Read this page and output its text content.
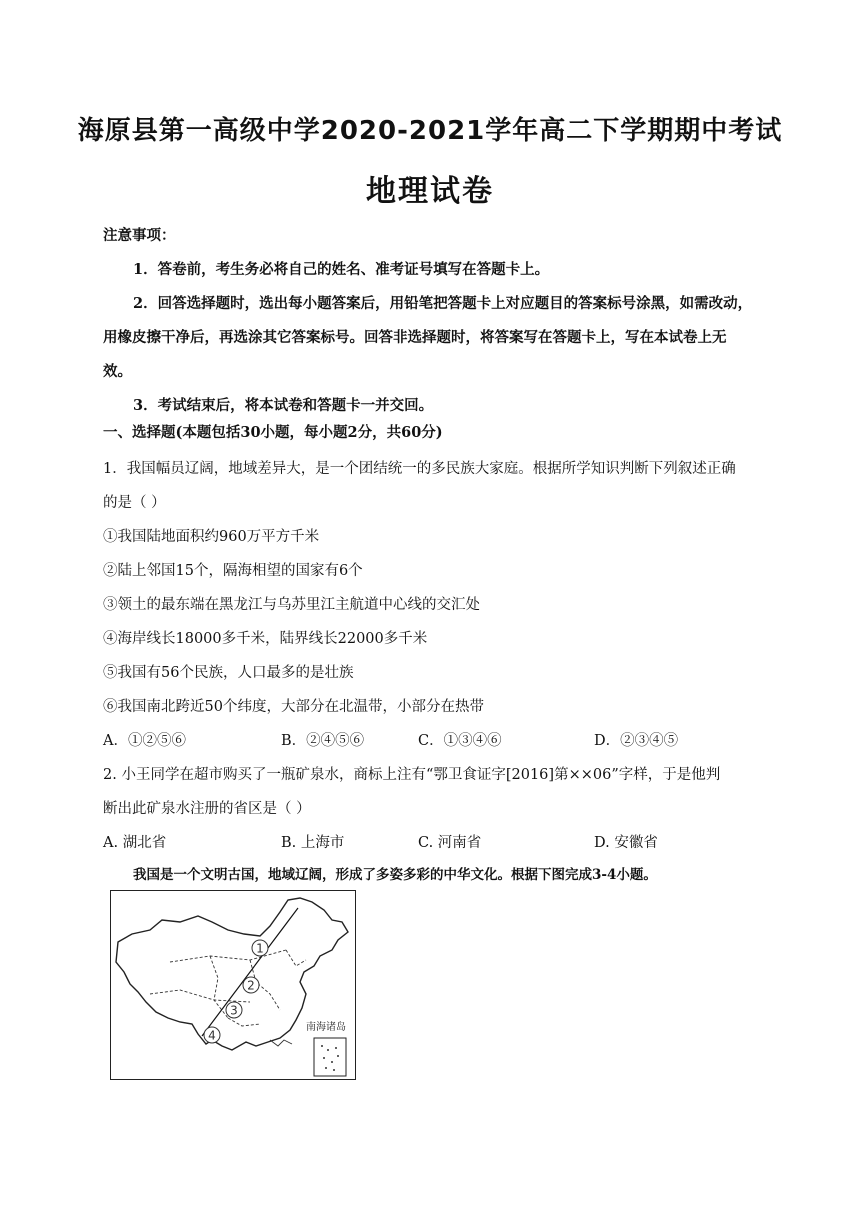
海原县第一高级中学2020-2021学年高二下学期期中考试
地理试卷
注意事项：
1．答卷前，考生务必将自己的姓名、准考证号填写在答题卡上。
2．回答选择题时，选出每小题答案后，用铅笔把答题卡上对应题目的答案标号涂黑，如需改动，
用橡皮擦干净后，再选涂其它答案标号。回答非选择题时，将答案写在答题卡上，写在本试卷上无
效。
3．考试结束后，将本试卷和答题卡一并交回。
一、选择题(本题包括30小题，每小题2分，共60分)
1．我国幅员辽阔，地域差异大，是一个团结统一的多民族大家庭。根据所学知识判断下列叙述正确
的是（ ）
①我国陆地面积约960万平方千米
②陆上邻国15个，隔海相望的国家有6个
③领土的最东端在黑龙江与乌苏里江主航道中心线的交汇处
④海岸线长18000多千米，陆界线长22000多千米
⑤我国有56个民族，人口最多的是壮族
⑥我国南北跨近50个纬度，大部分在北温带，小部分在热带
A．①②⑤⑥	B．②④⑤⑥	C．①③④⑥	D．②③④⑤
2. 小王同学在超市购买了一瓶矿泉水，商标上注有“鄂卫食证字[2016]第××06”字样，于是他判
断出此矿泉水注册的省区是（ ）
A. 湖北省	B. 上海市	C. 河南省	D. 安徽省
我国是一个文明古国，地域辽阔，形成了多姿多彩的中华文化。根据下图完成3-4小题。
1
2
3
4
南海诸岛
